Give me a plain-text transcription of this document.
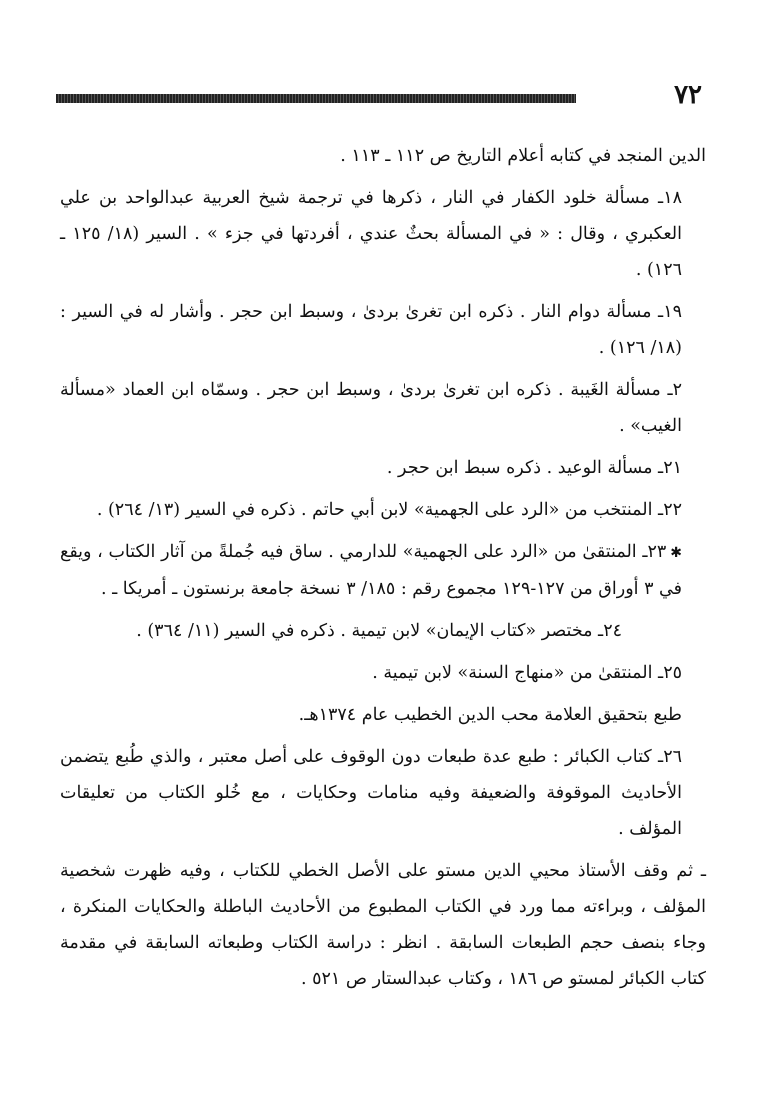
٧٢

الدين المنجد في كتابه أعلام التاريخ ص ١١٢ ـ ١١٣ .

١٨ـ مسألة خلود الكفار في النار ، ذكرها في ترجمة شيخ العربية عبدالواحد بن علي العكبري ، وقال : « في المسألة بحثٌ عندي ، أفردتها في جزء » . السير (١٨/ ١٢٥ ـ ١٢٦) .

١٩ـ مسألة دوام النار . ذكره ابن تغرىٰ بردىٰ ، وسبط ابن حجر . وأشار له في السير : (١٨/ ١٢٦) .

٢ـ مسألة الغَيبة . ذكره ابن تغرىٰ بردىٰ ، وسبط ابن حجر . وسمّاه ابن العماد «مسألة الغيب» .

٢١ـ مسألة الوعيد . ذكره سبط ابن حجر .

٢٢ـ المنتخب من «الرد على الجهمية» لابن أبي حاتم . ذكره في السير (١٣/ ٢٦٤) .

✱٢٣ـ المنتقىٰ من «الرد على الجهمية» للدارمي . ساق فيه جُملةً من آثار الكتاب ، ويقع في ٣ أوراق من ١٢٧-١٢٩ مجموع رقم : ١٨٥/ ٣ نسخة جامعة برنستون ـ أمريكا ـ .

٢٤ـ مختصر «كتاب الإيمان» لابن تيمية . ذكره في السير (١١/ ٣٦٤) .

٢٥ـ المنتقىٰ من «منهاج السنة» لابن تيمية .

طبع بتحقيق العلامة محب الدين الخطيب عام ١٣٧٤هـ.

٢٦ـ كتاب الكبائر : طبع عدة طبعات دون الوقوف على أصل معتبر ، والذي طُبع يتضمن الأحاديث الموقوفة والضعيفة وفيه منامات وحكايات ، مع خُلو الكتاب من تعليقات المؤلف .

ـ ثم وقف الأستاذ محيي الدين مستو على الأصل الخطي للكتاب ، وفيه ظهرت شخصية المؤلف ، وبراءته مما ورد في الكتاب المطبوع من الأحاديث الباطلة والحكايات المنكرة ، وجاء بنصف حجم الطبعات السابقة . انظر : دراسة الكتاب وطبعاته السابقة في مقدمة كتاب الكبائر لمستو ص ١٨٦ ، وكتاب عبدالستار ص ٥٢١ .
